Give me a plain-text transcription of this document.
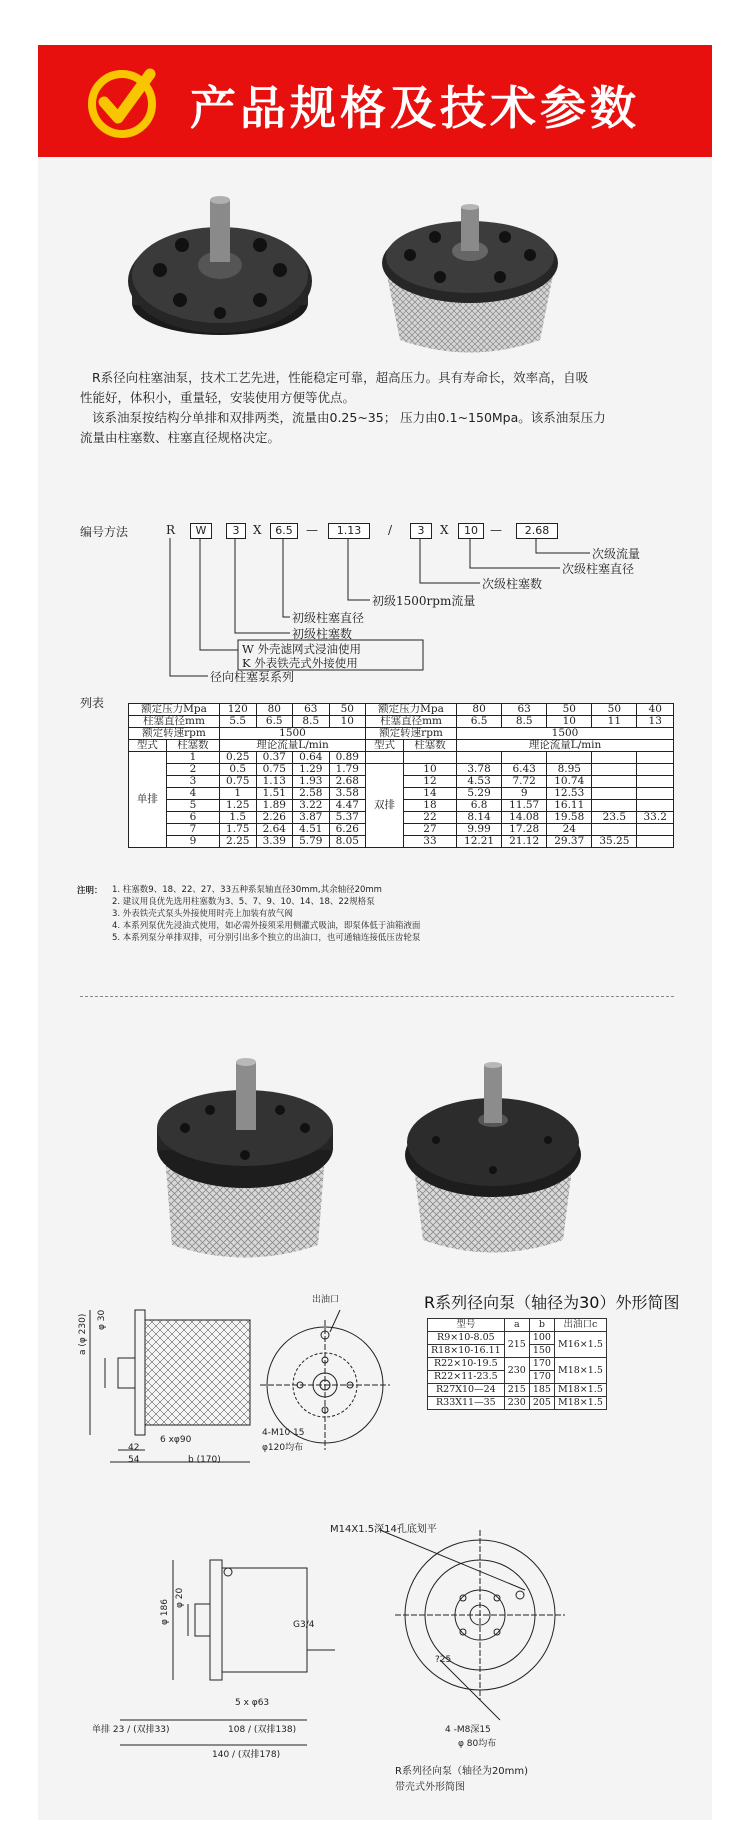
产品规格及技术参数
R系径向柱塞油泵，技术工艺先进，性能稳定可靠，超高压力。具有寿命长，效率高，自吸
性能好，体积小，重量轻，安装使用方便等优点。
该系油泵按结构分单排和双排两类，流量由0.25~35； 压力由0.1~150Mpa。该系油泵压力
流量由柱塞数、柱塞直径规格决定。
编号方法	R	W	3	X	6.5	—	1.13	/	3	X	10	—	2.68
次级流量
次级柱塞直径
次级柱塞数
初级1500rpm流量
初级柱塞直径
初级柱塞数
W 外壳滤网式浸油使用
K 外表铁壳式外接使用
径向柱塞泵系列
列表	额定压力Mpa		120	80	63	50	额定压力Mpa		80	63	50	50	40
柱塞直径mm		5.5	6.5	8.5	10	柱塞直径mm		6.5	8.5	10	11	13
额定转速rpm		1500				额定转速rpm		1500				
型式	柱塞数	理论流量L/min				型式	柱塞数	理论流量L/min				
单排	1	0.25	0.37	0.64	0.89							
	2	0.5	0.75	1.29	1.79	双排	10	3.78	6.43	8.95		
	3	0.75	1.13	1.93	2.68		12	4.53	7.72	10.74		
	4	1	1.51	2.58	3.58		14	5.29	9	12.53		
	5	1.25	1.89	3.22	4.47		18	6.8	11.57	16.11		
	6	1.5	2.26	3.87	5.37		22	8.14	14.08	19.58	23.5	33.2
	7	1.75	2.64	4.51	6.26		27	9.99	17.28	24		
	9	2.25	3.39	5.79	8.05		33	12.21	21.12	29.37	35.25	
注明： 1. 柱塞数9、18、22、27、33五种系泵轴直径30mm,其余轴径20mm
2. 建议用良优先选用柱塞数为3、5、7、9、10、14、18、22规格泵
3. 外表铁壳式泵头外接使用时壳上加装有放气阀
4. 本系列泵优先浸油式使用，如必需外接须采用侧灌式吸油，即泵体低于油箱液面
5. 本系列泵分单排双排，可分别引出多个独立的出油口，也可通轴连接低压齿轮泵
出油口
a (φ 230) φ 30
6 xφ90
42
54	b (170)
4-M10 15
φ120均布
R系列径向泵（轴径为30）外形简图
型号	a	b	出油口c
R9×10-8.05	215	100	M16×1.5
R18×10-16.11		150	
R22×10-19.5	230	170	M18×1.5
R22×11-23.5		170	
R27X10—24	215	185	M18×1.5
R33X11—35	230	205	M18×1.5
M14X1.5深14孔底划平
φ 186
φ 20
G3/4
5 x φ63
单排 23 / (双排33)	108 / (双排138)
140 / (双排178)
?25
4 -M8深15
φ 80均布
R系列径向泵（轴径为20mm)
带壳式外形简图
